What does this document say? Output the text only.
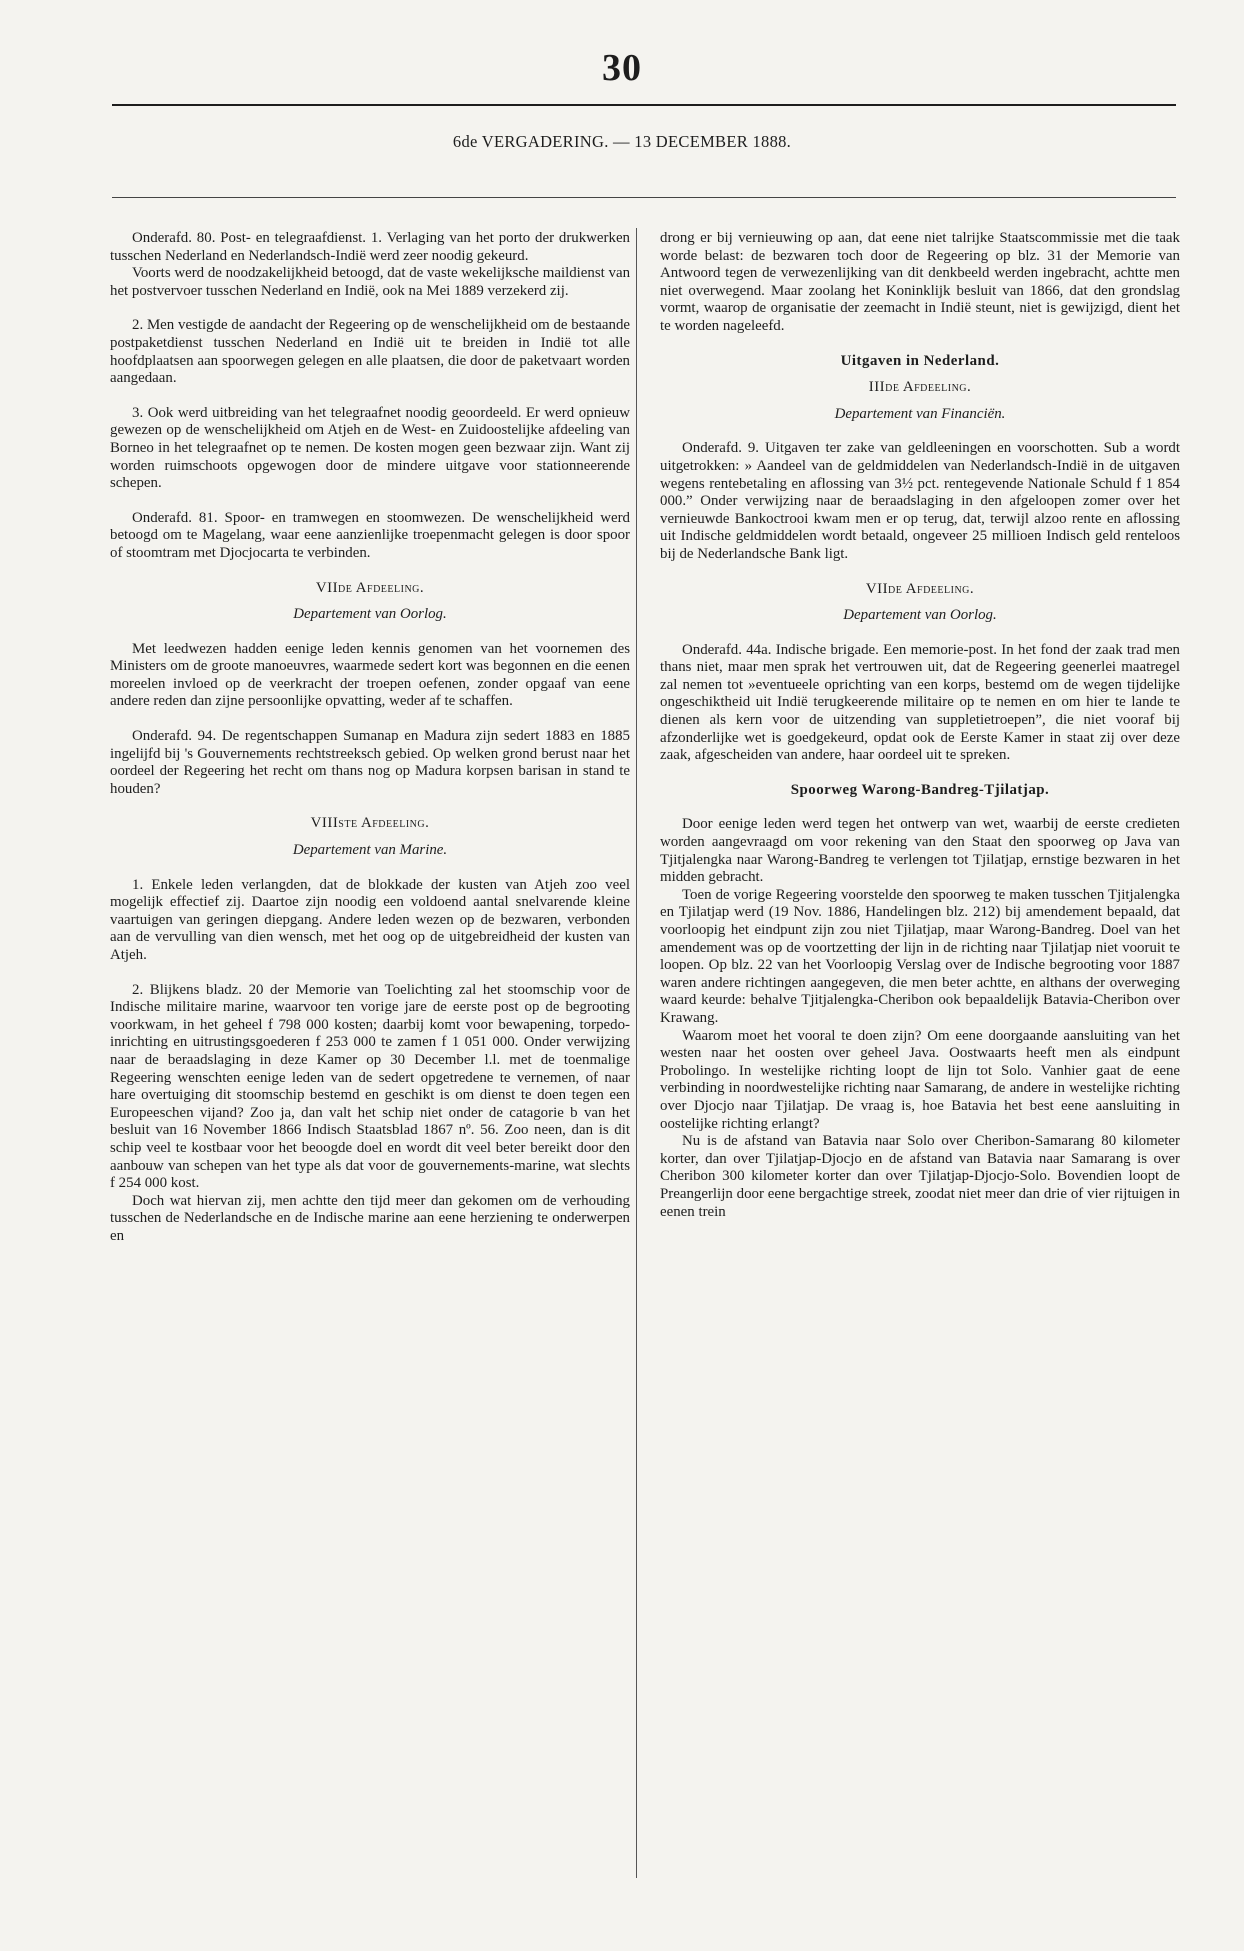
30
6de VERGADERING. — 13 DECEMBER 1888.

Onderafd. 80. Post- en telegraafdienst. 1. Verlaging van het porto der drukwerken tusschen Nederland en Nederlandsch-Indië werd zeer noodig gekeurd.

Voorts werd de noodzakelijkheid betoogd, dat de vaste wekelijksche maildienst van het postvervoer tusschen Nederland en Indië, ook na Mei 1889 verzekerd zij.

2. Men vestigde de aandacht der Regeering op de wenschelijkheid om de bestaande postpaketdienst tusschen Nederland en Indië uit te breiden in Indië tot alle hoofdplaatsen aan spoorwegen gelegen en alle plaatsen, die door de paketvaart worden aangedaan.

3. Ook werd uitbreiding van het telegraafnet noodig geoordeeld. Er werd opnieuw gewezen op de wenschelijkheid om Atjeh en de West- en Zuidoostelijke afdeeling van Borneo in het telegraafnet op te nemen. De kosten mogen geen bezwaar zijn. Want zij worden ruimschoots opgewogen door de mindere uitgave voor stationneerende schepen.

Onderafd. 81. Spoor- en tramwegen en stoomwezen. De wenschelijkheid werd betoogd om te Magelang, waar eene aanzienlijke troepenmacht gelegen is door spoor of stoomtram met Djocjocarta te verbinden.

VIIde Afdeeling.
Departement van Oorlog.

Met leedwezen hadden eenige leden kennis genomen van het voornemen des Ministers om de groote manoeuvres, waarmede sedert kort was begonnen en die eenen moreelen invloed op de veerkracht der troepen oefenen, zonder opgaaf van eene andere reden dan zijne persoonlijke opvatting, weder af te schaffen.

Onderafd. 94. De regentschappen Sumanap en Madura zijn sedert 1883 en 1885 ingelijfd bij 's Gouvernements rechtstreeksch gebied. Op welken grond berust naar het oordeel der Regeering het recht om thans nog op Madura korpsen barisan in stand te houden?

VIIIste Afdeeling.
Departement van Marine.

1. Enkele leden verlangden, dat de blokkade der kusten van Atjeh zoo veel mogelijk effectief zij. Daartoe zijn noodig een voldoend aantal snelvarende kleine vaartuigen van geringen diepgang. Andere leden wezen op de bezwaren, verbonden aan de vervulling van dien wensch, met het oog op de uitgebreidheid der kusten van Atjeh.

2. Blijkens bladz. 20 der Memorie van Toelichting zal het stoomschip voor de Indische militaire marine, waarvoor ten vorige jare de eerste post op de begrooting voorkwam, in het geheel f 798 000 kosten; daarbij komt voor bewapening, torpedo-inrichting en uitrustingsgoederen f 253 000 te zamen f 1 051 000. Onder verwijzing naar de beraadslaging in deze Kamer op 30 December l.l. met de toenmalige Regeering wenschten eenige leden van de sedert opgetredene te vernemen, of naar hare overtuiging dit stoomschip bestemd en geschikt is om dienst te doen tegen een Europeeschen vijand? Zoo ja, dan valt het schip niet onder de catagorie b van het besluit van 16 November 1866 Indisch Staatsblad 1867 nº. 56. Zoo neen, dan is dit schip veel te kostbaar voor het beoogde doel en wordt dit veel beter bereikt door den aanbouw van schepen van het type als dat voor de gouvernements-marine, wat slechts f 254 000 kost.

Doch wat hiervan zij, men achtte den tijd meer dan gekomen om de verhouding tusschen de Nederlandsche en de Indische marine aan eene herziening te onderwerpen en

drong er bij vernieuwing op aan, dat eene niet talrijke Staatscommissie met die taak worde belast: de bezwaren toch door de Regeering op blz. 31 der Memorie van Antwoord tegen de verwezenlijking van dit denkbeeld werden ingebracht, achtte men niet overwegend. Maar zoolang het Koninklijk besluit van 1866, dat den grondslag vormt, waarop de organisatie der zeemacht in Indië steunt, niet is gewijzigd, dient het te worden nageleefd.

Uitgaven in Nederland.
IIIde Afdeeling.
Departement van Financiën.

Onderafd. 9. Uitgaven ter zake van geldleeningen en voorschotten. Sub a wordt uitgetrokken: » Aandeel van de geldmiddelen van Nederlandsch-Indië in de uitgaven wegens rentebetaling en aflossing van 3½ pct. rentegevende Nationale Schuld f 1 854 000.” Onder verwijzing naar de beraadslaging in den afgeloopen zomer over het vernieuwde Bankoctrooi kwam men er op terug, dat, terwijl alzoo rente en aflossing uit Indische geldmiddelen wordt betaald, ongeveer 25 millioen Indisch geld renteloos bij de Nederlandsche Bank ligt.

VIIde Afdeeling.
Departement van Oorlog.

Onderafd. 44a. Indische brigade. Een memorie-post. In het fond der zaak trad men thans niet, maar men sprak het vertrouwen uit, dat de Regeering geenerlei maatregel zal nemen tot »eventueele oprichting van een korps, bestemd om de wegen tijdelijke ongeschiktheid uit Indië terugkeerende militaire op te nemen en om hier te lande te dienen als kern voor de uitzending van suppletietroepen”, die niet vooraf bij afzonderlijke wet is goedgekeurd, opdat ook de Eerste Kamer in staat zij over deze zaak, afgescheiden van andere, haar oordeel uit te spreken.

Spoorweg Warong-Bandreg-Tjilatjap.

Door eenige leden werd tegen het ontwerp van wet, waarbij de eerste credieten worden aangevraagd om voor rekening van den Staat den spoorweg op Java van Tjitjalengka naar Warong-Bandreg te verlengen tot Tjilatjap, ernstige bezwaren in het midden gebracht.

Toen de vorige Regeering voorstelde den spoorweg te maken tusschen Tjitjalengka en Tjilatjap werd (19 Nov. 1886, Handelingen blz. 212) bij amendement bepaald, dat voorloopig het eindpunt zijn zou niet Tjilatjap, maar Warong-Bandreg. Doel van het amendement was op de voortzetting der lijn in de richting naar Tjilatjap niet vooruit te loopen. Op blz. 22 van het Voorloopig Verslag over de Indische begrooting voor 1887 waren andere richtingen aangegeven, die men beter achtte, en althans der overweging waard keurde: behalve Tjitjalengka-Cheribon ook bepaaldelijk Batavia-Cheribon over Krawang.

Waarom moet het vooral te doen zijn? Om eene doorgaande aansluiting van het westen naar het oosten over geheel Java. Oostwaarts heeft men als eindpunt Probolingo. In westelijke richting loopt de lijn tot Solo. Vanhier gaat de eene verbinding in noordwestelijke richting naar Samarang, de andere in westelijke richting over Djocjo naar Tjilatjap. De vraag is, hoe Batavia het best eene aansluiting in oostelijke richting erlangt?

Nu is de afstand van Batavia naar Solo over Cheribon-Samarang 80 kilometer korter, dan over Tjilatjap-Djocjo en de afstand van Batavia naar Samarang is over Cheribon 300 kilometer korter dan over Tjilatjap-Djocjo-Solo. Bovendien loopt de Preangerlijn door eene bergachtige streek, zoodat niet meer dan drie of vier rijtuigen in eenen trein
